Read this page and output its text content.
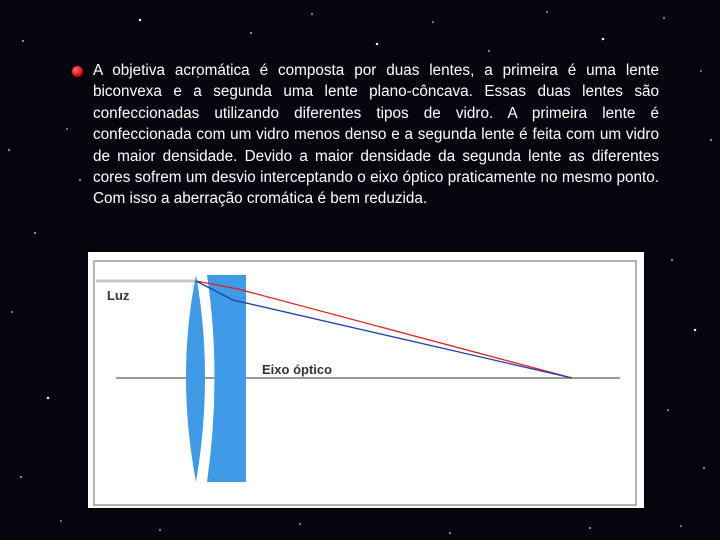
A objetiva acromática é composta por duas lentes, a primeira é uma lente biconvexa e a segunda uma lente plano-côncava. Essas duas lentes são confeccionadas utilizando diferentes tipos de vidro. A primeira lente é confeccionada com um vidro menos denso e a segunda lente é feita com um vidro de maior densidade. Devido a maior densidade da segunda lente as diferentes cores sofrem um desvio interceptando o eixo óptico praticamente no mesmo ponto. Com isso a aberração cromática é bem reduzida.

Luz
Eixo óptico
